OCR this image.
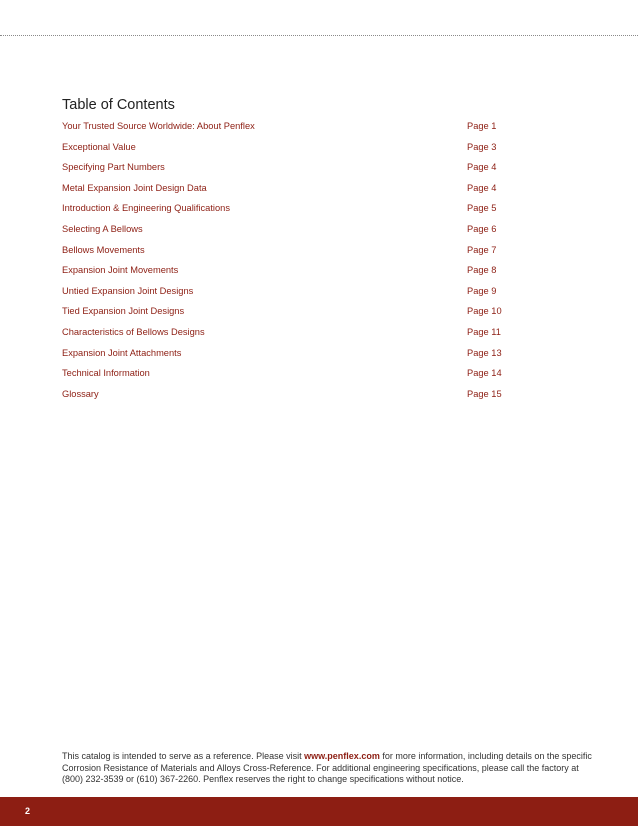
Table of Contents
Your Trusted Source Worldwide: About Penflex	Page 1
Exceptional Value	Page 3
Specifying Part Numbers	Page 4
Metal Expansion Joint Design Data	Page 4
Introduction & Engineering Qualifications	Page 5
Selecting A Bellows	Page 6
Bellows Movements	Page 7
Expansion Joint Movements	Page 8
Untied Expansion Joint Designs	Page 9
Tied Expansion Joint Designs	Page 10
Characteristics of Bellows Designs	Page 11
Expansion Joint Attachments	Page 13
Technical Information	Page 14
Glossary	Page 15
This catalog is intended to serve as a reference. Please visit www.penflex.com for more information, including details on the specific Corrosion Resistance of Materials and Alloys Cross-Reference. For additional engineering specifications, please call the factory at (800) 232-3539 or (610) 367-2260. Penflex reserves the right to change specifications without notice.
2
